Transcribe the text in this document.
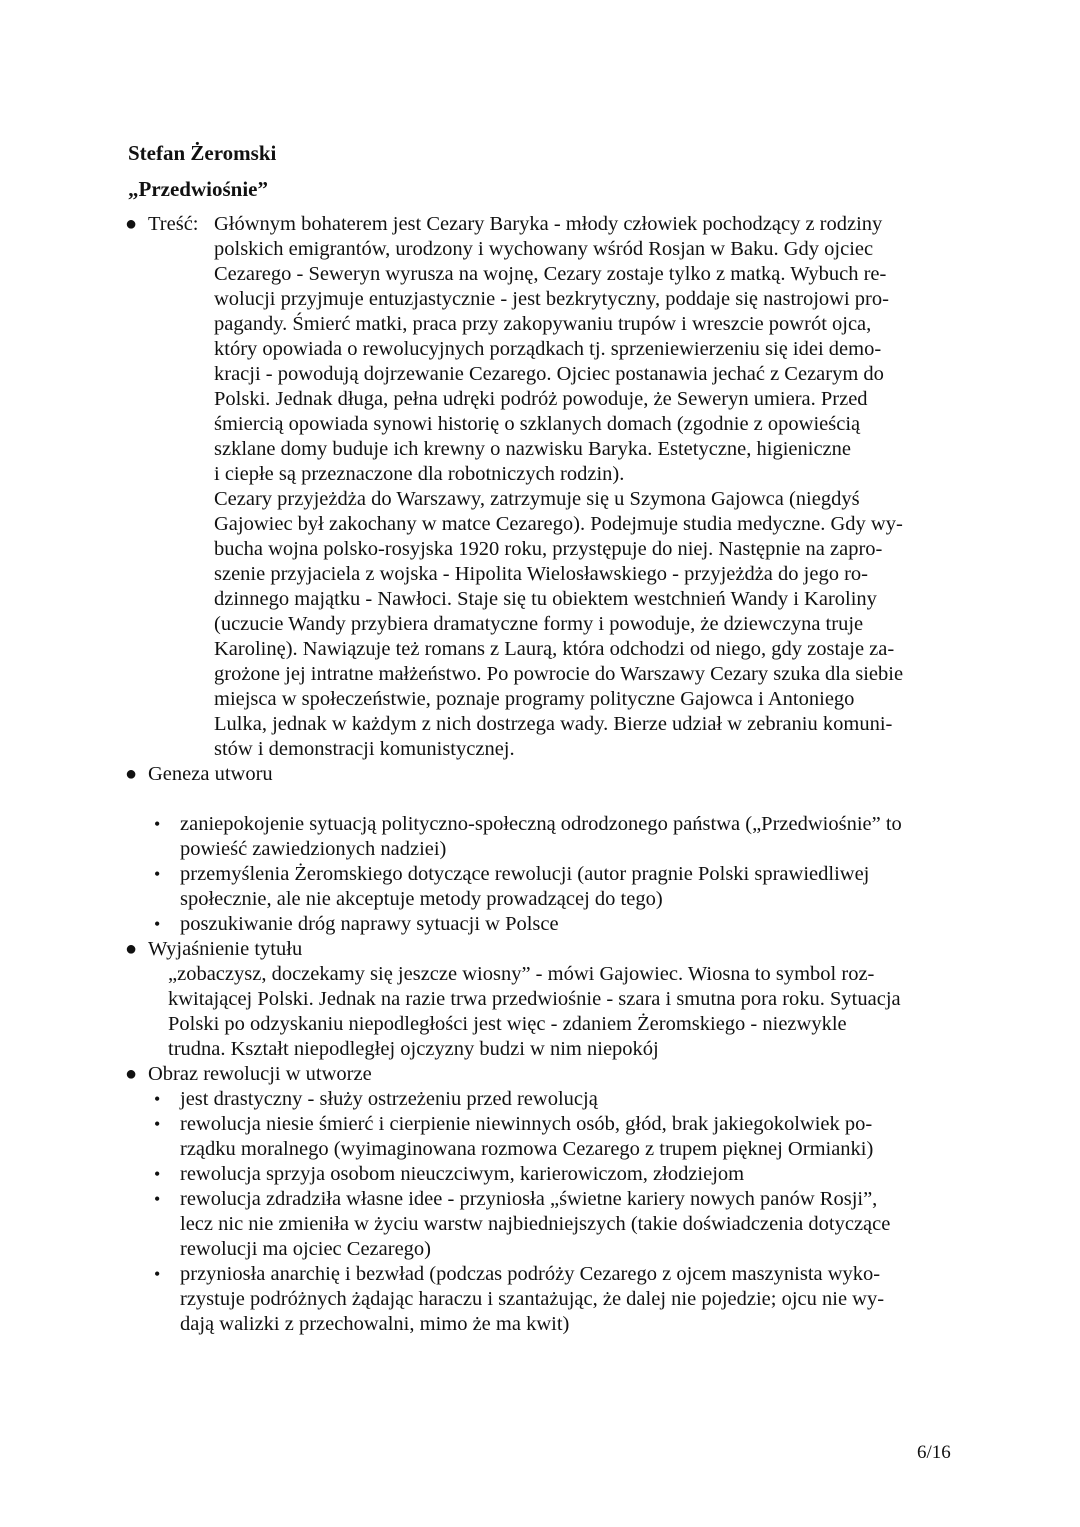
Stefan Żeromski
„Przedwiośnie”
● Treść: Głównym bohaterem jest Cezary Baryka - młody człowiek pochodzący z rodziny
polskich emigrantów, urodzony i wychowany wśród Rosjan w Baku. Gdy ojciec
Cezarego - Seweryn wyrusza na wojnę, Cezary zostaje tylko z matką. Wybuch re-
wolucji przyjmuje entuzjastycznie - jest bezkrytyczny, poddaje się nastrojowi pro-
pagandy. Śmierć matki, praca przy zakopywaniu trupów i wreszcie powrót ojca,
który opowiada o rewolucyjnych porządkach tj. sprzeniewierzeniu się idei demo-
kracji - powodują dojrzewanie Cezarego. Ojciec postanawia jechać z Cezarym do
Polski. Jednak długa, pełna udręki podróż powoduje, że Seweryn umiera. Przed
śmiercią opowiada synowi historię o szklanych domach (zgodnie z opowieścią
szklane domy buduje ich krewny o nazwisku Baryka. Estetyczne, higieniczne
i ciepłe są przeznaczone dla robotniczych rodzin).
Cezary przyjeżdża do Warszawy, zatrzymuje się u Szymona Gajowca (niegdyś
Gajowiec był zakochany w matce Cezarego). Podejmuje studia medyczne. Gdy wy-
bucha wojna polsko-rosyjska 1920 roku, przystępuje do niej. Następnie na zapro-
szenie przyjaciela z wojska - Hipolita Wielosławskiego - przyjeżdża do jego ro-
dzinnego majątku - Nawłoci. Staje się tu obiektem westchnień Wandy i Karoliny
(uczucie Wandy przybiera dramatyczne formy i powoduje, że dziewczyna truje
Karolinę). Nawiązuje też romans z Laurą, która odchodzi od niego, gdy zostaje za-
grożone jej intratne małżeństwo. Po powrocie do Warszawy Cezary szuka dla siebie
miejsca w społeczeństwie, poznaje programy polityczne Gajowca i Antoniego
Lulka, jednak w każdym z nich dostrzega wady. Bierze udział w zebraniu komuni-
stów i demonstracji komunistycznej.
● Geneza utworu
• zaniepokojenie sytuacją polityczno-społeczną odrodzonego państwa („Przedwiośnie” to
powieść zawiedzionych nadziei)
• przemyślenia Żeromskiego dotyczące rewolucji (autor pragnie Polski sprawiedliwej
społecznie, ale nie akceptuje metody prowadzącej do tego)
• poszukiwanie dróg naprawy sytuacji w Polsce
● Wyjaśnienie tytułu
„zobaczysz, doczekamy się jeszcze wiosny” - mówi Gajowiec. Wiosna to symbol roz-
kwitającej Polski. Jednak na razie trwa przedwiośnie - szara i smutna pora roku. Sytuacja
Polski po odzyskaniu niepodległości jest więc - zdaniem Żeromskiego - niezwykle
trudna. Kształt niepodległej ojczyzny budzi w nim niepokój
● Obraz rewolucji w utworze
• jest drastyczny - służy ostrzeżeniu przed rewolucją
• rewolucja niesie śmierć i cierpienie niewinnych osób, głód, brak jakiegokolwiek po-
rządku moralnego (wyimaginowana rozmowa Cezarego z trupem pięknej Ormianki)
• rewolucja sprzyja osobom nieuczciwym, karierowiczom, złodziejom
• rewolucja zdradziła własne idee - przyniosła „świetne kariery nowych panów Rosji”,
lecz nic nie zmieniła w życiu warstw najbiedniejszych (takie doświadczenia dotyczące
rewolucji ma ojciec Cezarego)
• przyniosła anarchię i bezwład (podczas podróży Cezarego z ojcem maszynista wyko-
rzystuje podróżnych żądając haraczu i szantażując, że dalej nie pojedzie; ojcu nie wy-
dają walizki z przechowalni, mimo że ma kwit)
6/16
